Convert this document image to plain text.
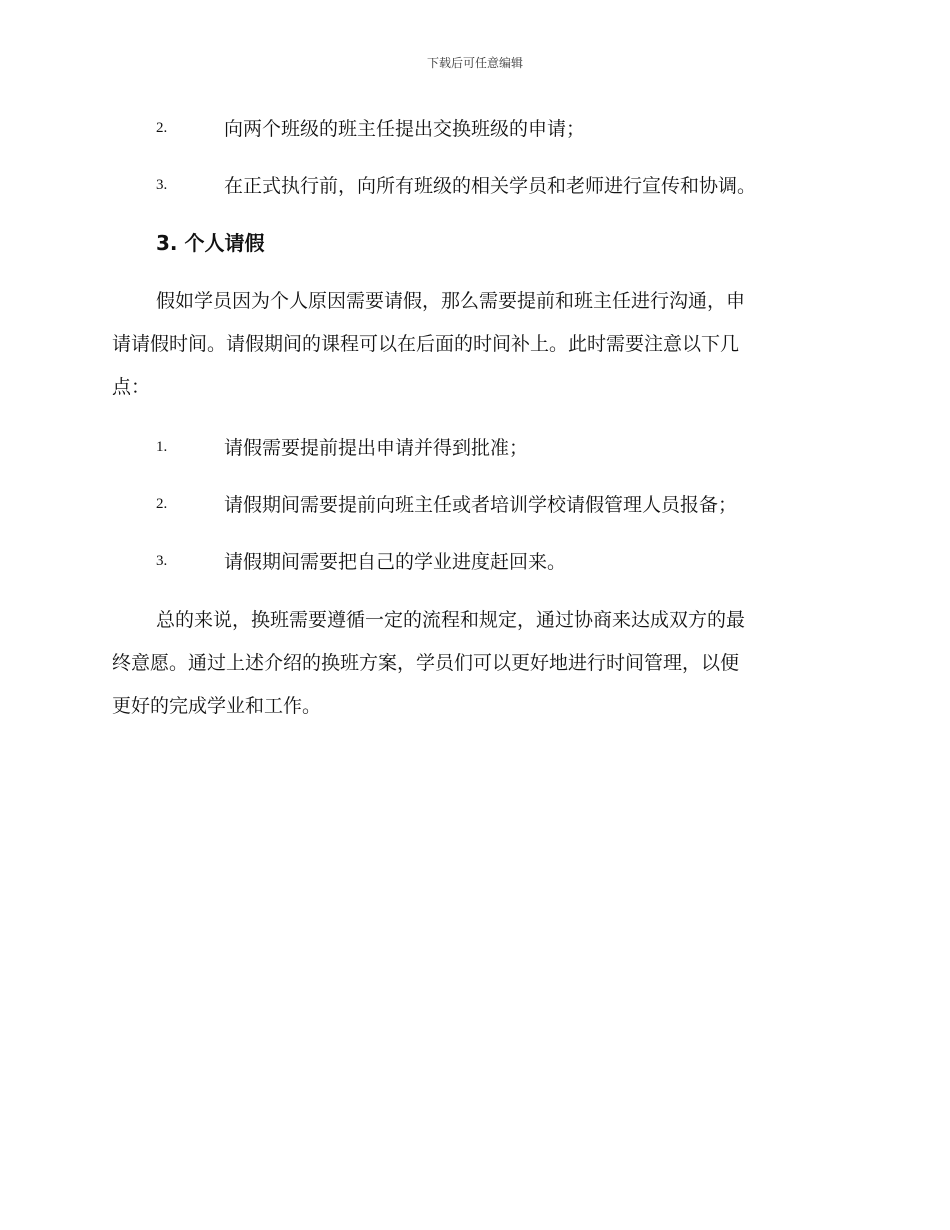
下载后可任意编辑
2.	向两个班级的班主任提出交换班级的申请；
3.	在正式执行前，向所有班级的相关学员和老师进行宣传和协调。
3. 个人请假
假如学员因为个人原因需要请假，那么需要提前和班主任进行沟通，申
请请假时间。请假期间的课程可以在后面的时间补上。此时需要注意以下几
点：
1.	请假需要提前提出申请并得到批准；
2.	请假期间需要提前向班主任或者培训学校请假管理人员报备；
3.	请假期间需要把自己的学业进度赶回来。
总的来说，换班需要遵循一定的流程和规定，通过协商来达成双方的最
终意愿。通过上述介绍的换班方案，学员们可以更好地进行时间管理，以便
更好的完成学业和工作。
